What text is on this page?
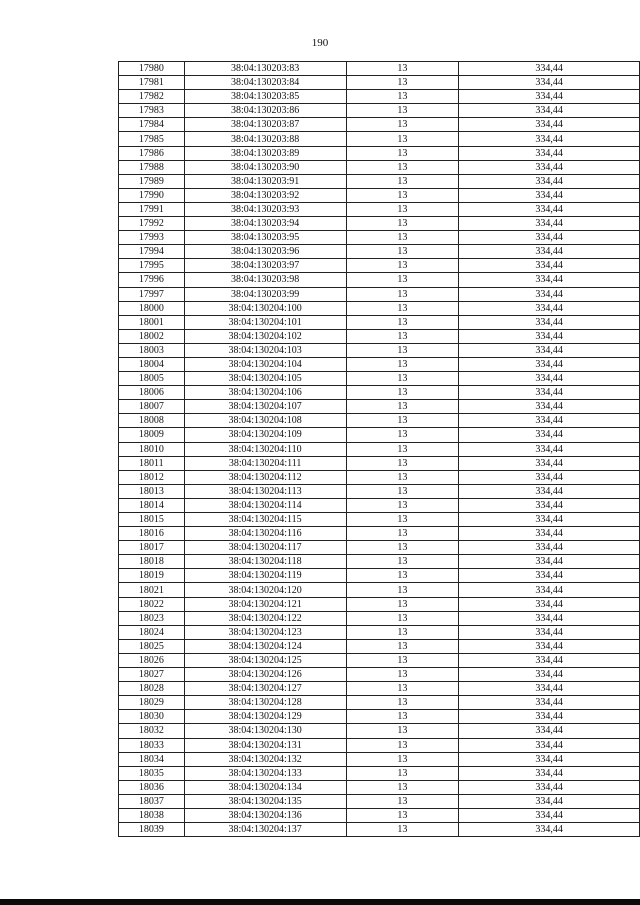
190
17980	38:04:130203:83	13	334,44
17981	38:04:130203:84	13	334,44
17982	38:04:130203:85	13	334,44
17983	38:04:130203:86	13	334,44
17984	38:04:130203:87	13	334,44
17985	38:04:130203:88	13	334,44
17986	38:04:130203:89	13	334,44
17988	38:04:130203:90	13	334,44
17989	38:04:130203:91	13	334,44
17990	38:04:130203:92	13	334,44
17991	38:04:130203:93	13	334,44
17992	38:04:130203:94	13	334,44
17993	38:04:130203:95	13	334,44
17994	38:04:130203:96	13	334,44
17995	38:04:130203:97	13	334,44
17996	38:04:130203:98	13	334,44
17997	38:04:130203:99	13	334,44
18000	38:04:130204:100	13	334,44
18001	38:04:130204:101	13	334,44
18002	38:04:130204:102	13	334,44
18003	38:04:130204:103	13	334,44
18004	38:04:130204:104	13	334,44
18005	38:04:130204:105	13	334,44
18006	38:04:130204:106	13	334,44
18007	38:04:130204:107	13	334,44
18008	38:04:130204:108	13	334,44
18009	38:04:130204:109	13	334,44
18010	38:04:130204:110	13	334,44
18011	38:04:130204:111	13	334,44
18012	38:04:130204:112	13	334,44
18013	38:04:130204:113	13	334,44
18014	38:04:130204:114	13	334,44
18015	38:04:130204:115	13	334,44
18016	38:04:130204:116	13	334,44
18017	38:04:130204:117	13	334,44
18018	38:04:130204:118	13	334,44
18019	38:04:130204:119	13	334,44
18021	38:04:130204:120	13	334,44
18022	38:04:130204:121	13	334,44
18023	38:04:130204:122	13	334,44
18024	38:04:130204:123	13	334,44
18025	38:04:130204:124	13	334,44
18026	38:04:130204:125	13	334,44
18027	38:04:130204:126	13	334,44
18028	38:04:130204:127	13	334,44
18029	38:04:130204:128	13	334,44
18030	38:04:130204:129	13	334,44
18032	38:04:130204:130	13	334,44
18033	38:04:130204:131	13	334,44
18034	38:04:130204:132	13	334,44
18035	38:04:130204:133	13	334,44
18036	38:04:130204:134	13	334,44
18037	38:04:130204:135	13	334,44
18038	38:04:130204:136	13	334,44
18039	38:04:130204:137	13	334,44
